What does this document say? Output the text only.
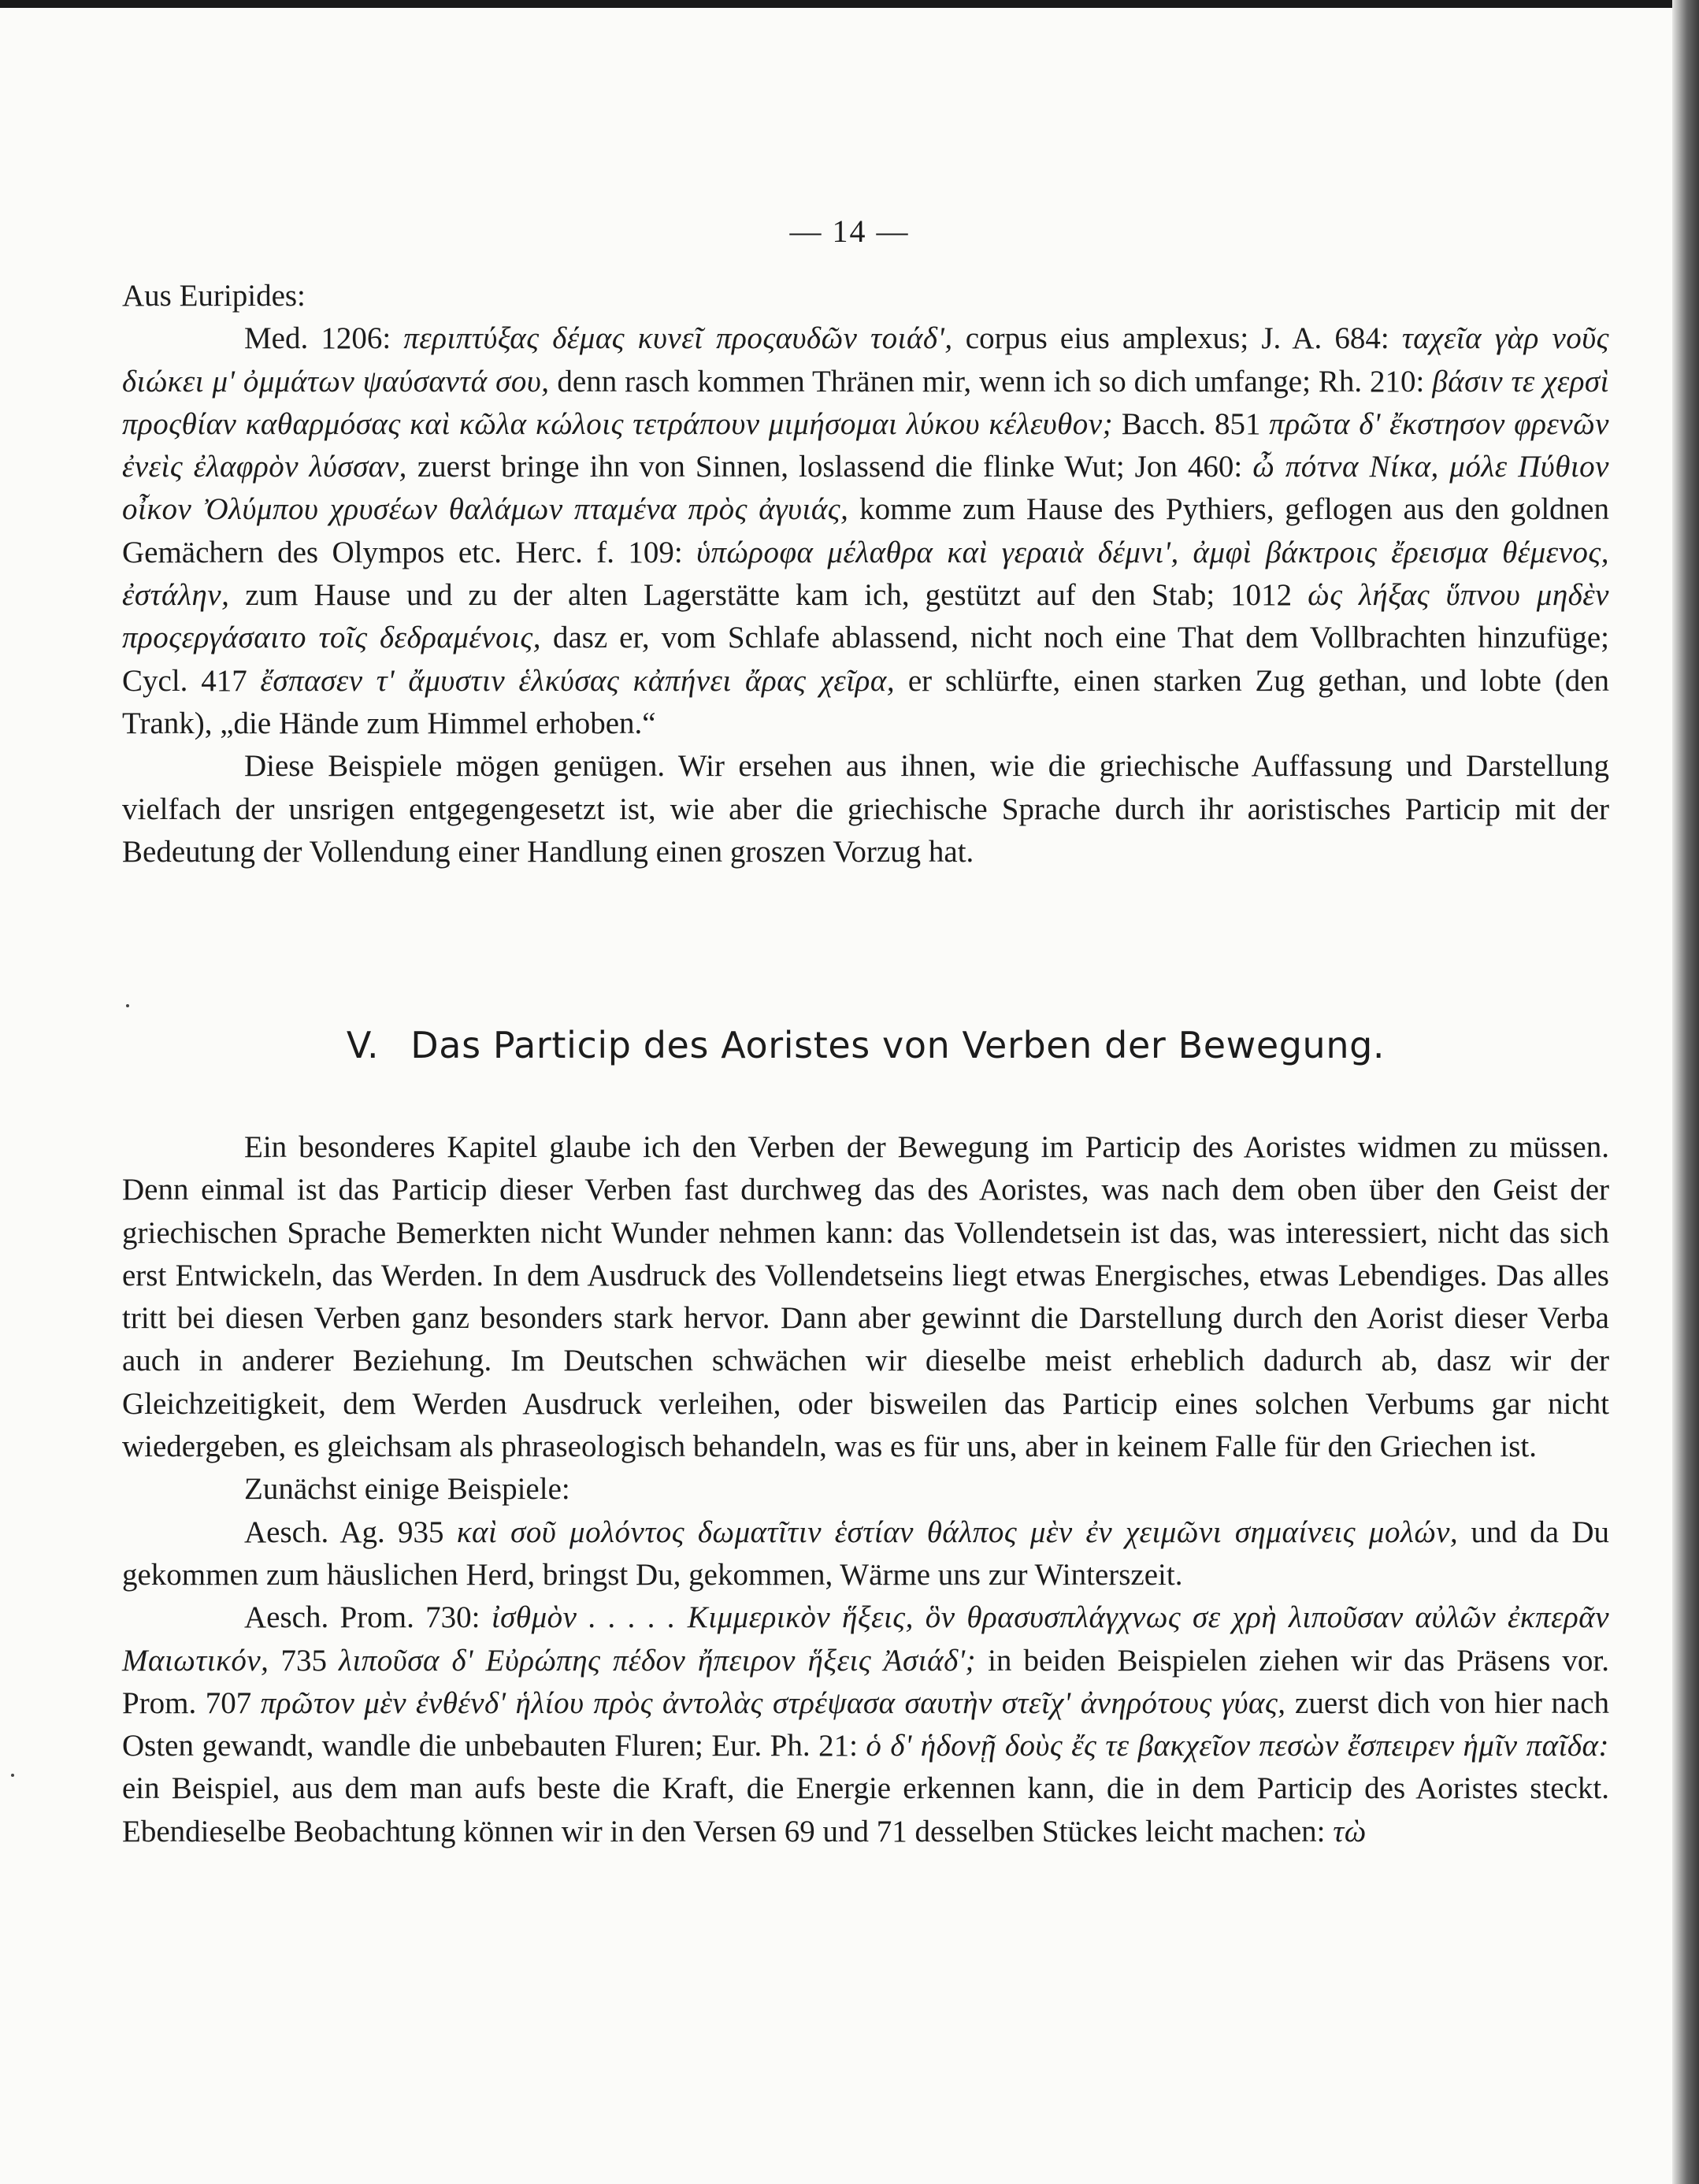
— 14 —

Aus Euripides:

Med. 1206: περιπτύξας δέμας κυνεῖ προςαυδῶν τοιάδ', corpus eius amplexus; J. A. 684: ταχεῖα γὰρ νοῦς διώκει μ' ὀμμάτων ψαύσαντά σου, denn rasch kommen Thränen mir, wenn ich so dich umfange; Rh. 210: βάσιν τε χερσὶ προςθίαν καθαρμόσας καὶ κῶλα κώλοις τετράπουν μιμήσομαι λύκου κέλευθον; Bacch. 851 πρῶτα δ' ἔκστησον φρενῶν ἐνεὶς ἐλαφρὸν λύσσαν, zuerst bringe ihn von Sinnen, loslassend die flinke Wut; Jon 460: ὦ πότνα Νίκα, μόλε Πύθιον οἶκον Ὀλύμπου χρυσέων θαλάμων πταμένα πρὸς ἀγυιάς, komme zum Hause des Pythiers, geflogen aus den goldnen Gemächern des Olympos etc. Herc. f. 109: ὑπώροφα μέλαθρα καὶ γεραιὰ δέμνι', ἀμφὶ βάκτροις ἔρεισμα θέμενος, ἐστάλην, zum Hause und zu der alten Lagerstätte kam ich, gestützt auf den Stab; 1012 ὡς λήξας ὕπνου μηδὲν προςεργάσαιτο τοῖς δεδραμένοις, dasz er, vom Schlafe ablassend, nicht noch eine That dem Vollbrachten hinzufüge; Cycl. 417 ἔσπασεν τ' ἄμυστιν ἑλκύσας κἀπήνει ἄρας χεῖρα, er schlürfte, einen starken Zug gethan, und lobte (den Trank), „die Hände zum Himmel erhoben.“

Diese Beispiele mögen genügen. Wir ersehen aus ihnen, wie die griechische Auffassung und Darstellung vielfach der unsrigen entgegengesetzt ist, wie aber die griechische Sprache durch ihr aoristisches Particip mit der Bedeutung der Vollendung einer Handlung einen groszen Vorzug hat.

V. Das Particip des Aoristes von Verben der Bewegung.

Ein besonderes Kapitel glaube ich den Verben der Bewegung im Particip des Aoristes widmen zu müssen. Denn einmal ist das Particip dieser Verben fast durchweg das des Aoristes, was nach dem oben über den Geist der griechischen Sprache Bemerkten nicht Wunder nehmen kann: das Vollendetsein ist das, was interessiert, nicht das sich erst Entwickeln, das Werden. In dem Ausdruck des Vollendetseins liegt etwas Energisches, etwas Lebendiges. Das alles tritt bei diesen Verben ganz besonders stark hervor. Dann aber gewinnt die Darstellung durch den Aorist dieser Verba auch in anderer Beziehung. Im Deutschen schwächen wir dieselbe meist erheblich dadurch ab, dasz wir der Gleichzeitigkeit, dem Werden Ausdruck verleihen, oder bisweilen das Particip eines solchen Verbums gar nicht wiedergeben, es gleichsam als phraseologisch behandeln, was es für uns, aber in keinem Falle für den Griechen ist.

Zunächst einige Beispiele:

Aesch. Ag. 935 καὶ σοῦ μολόντος δωματῖτιν ἑστίαν θάλπος μὲν ἐν χειμῶνι σημαίνεις μολών, und da Du gekommen zum häuslichen Herd, bringst Du, gekommen, Wärme uns zur Winterszeit.

Aesch. Prom. 730: ἰσθμὸν . . . . . Κιμμερικὸν ἥξεις, ὃν θρασυσπλάγχνως σε χρὴ λιποῦσαν αὐλῶν ἐκπερᾶν Μαιωτικόν, 735 λιποῦσα δ' Εὐρώπης πέδον ἤπειρον ἥξεις Ἀσιάδ'; in beiden Beispielen ziehen wir das Präsens vor. Prom. 707 πρῶτον μὲν ἐνθένδ' ἡλίου πρὸς ἀντολὰς στρέψασα σαυτὴν στεῖχ' ἀνηρότους γύας, zuerst dich von hier nach Osten gewandt, wandle die unbebauten Fluren; Eur. Ph. 21: ὁ δ' ἡδονῇ δοὺς ἔς τε βακχεῖον πεσὼν ἔσπειρεν ἡμῖν παῖδα: ein Beispiel, aus dem man aufs beste die Kraft, die Energie erkennen kann, die in dem Particip des Aoristes steckt. Ebendieselbe Beobachtung können wir in den Versen 69 und 71 desselben Stückes leicht machen: τὼ
